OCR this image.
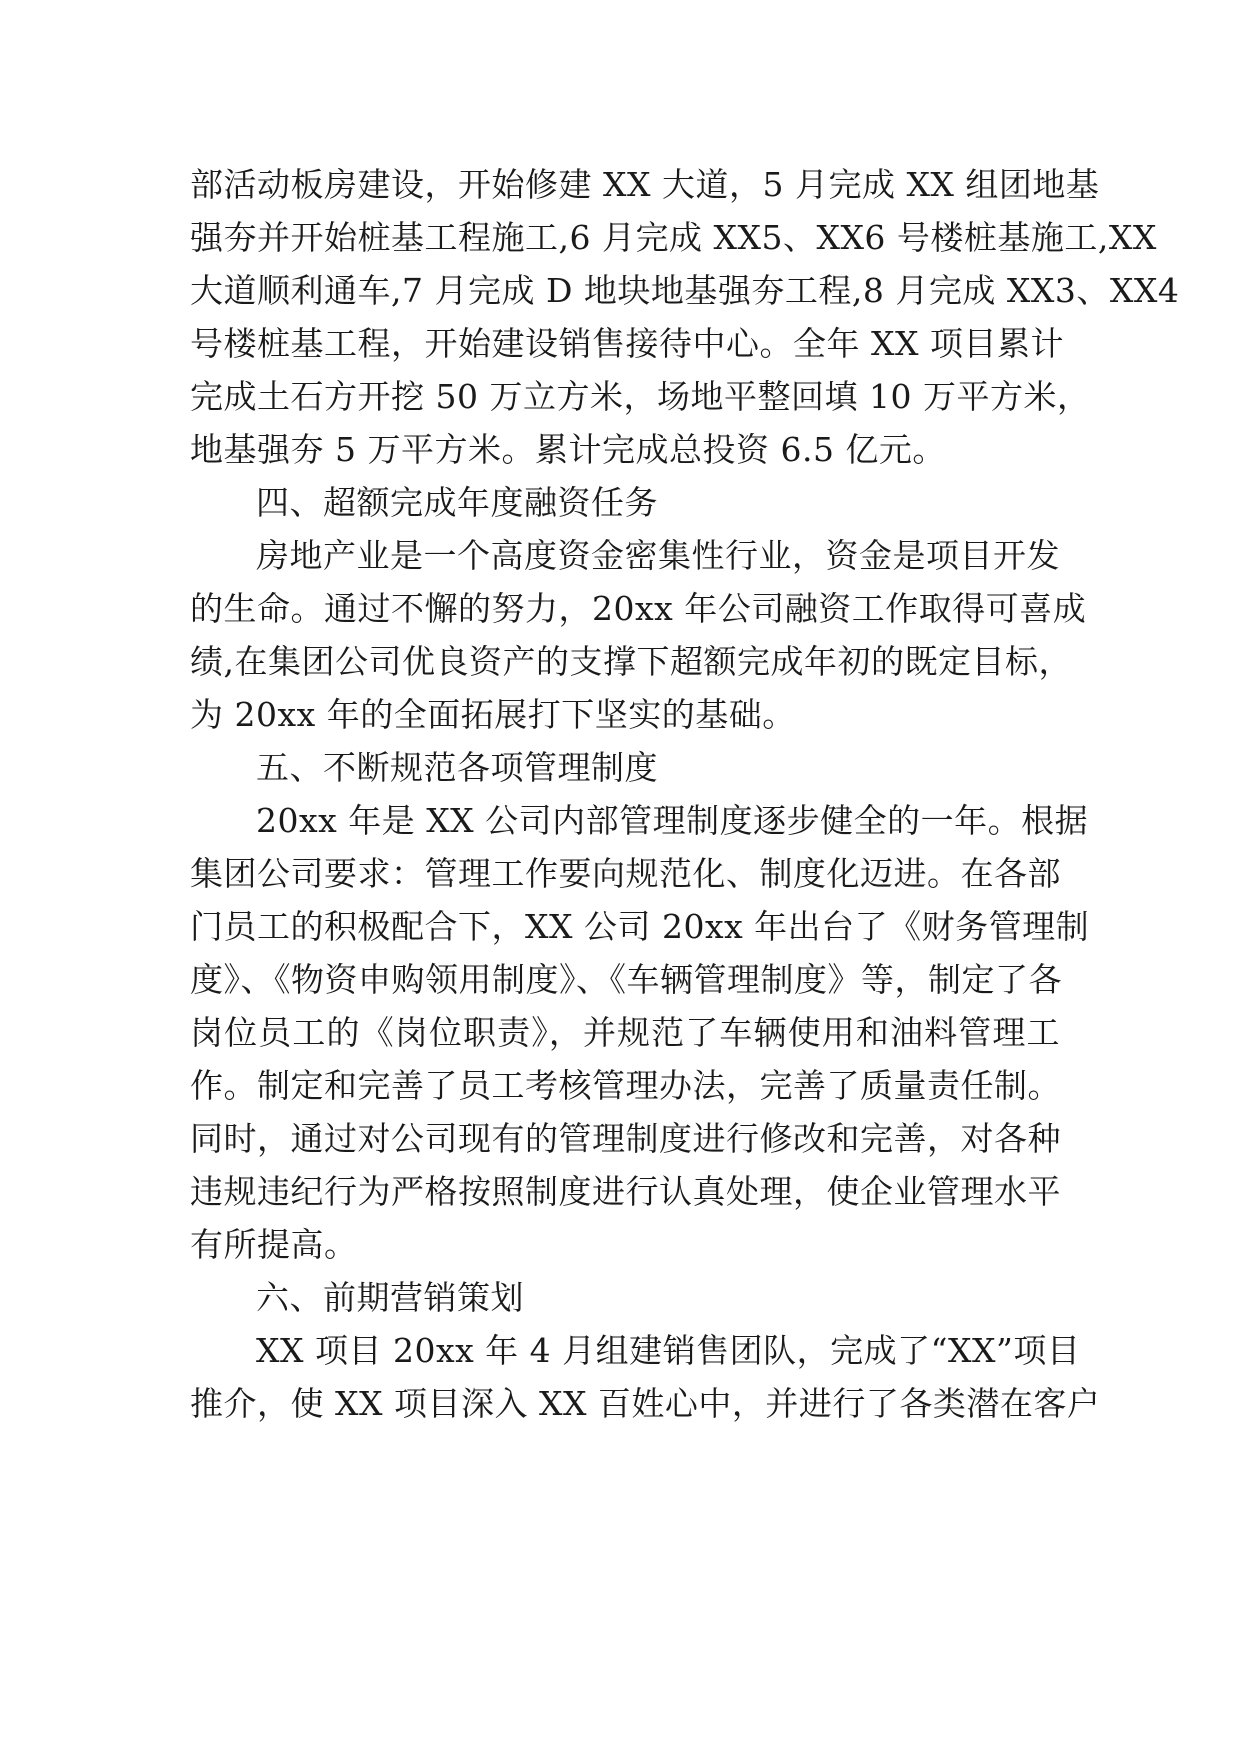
部活动板房建设，开始修建 XX 大道，5 月完成 XX 组团地基
强夯并开始桩基工程施工,6 月完成 XX5、XX6 号楼桩基施工,XX
大道顺利通车,7 月完成 D 地块地基强夯工程,8 月完成 XX3、XX4
号楼桩基工程，开始建设销售接待中心。全年 XX 项目累计
完成土石方开挖 50 万立方米，场地平整回填 10 万平方米，
地基强夯 5 万平方米。累计完成总投资 6.5 亿元。
四、超额完成年度融资任务
房地产业是一个高度资金密集性行业，资金是项目开发
的生命。通过不懈的努力，20xx 年公司融资工作取得可喜成
绩,在集团公司优良资产的支撑下超额完成年初的既定目标，
为 20xx 年的全面拓展打下坚实的基础。
五、不断规范各项管理制度
20xx 年是 XX 公司内部管理制度逐步健全的一年。根据
集团公司要求：管理工作要向规范化、制度化迈进。在各部
门员工的积极配合下，XX 公司 20xx 年出台了《财务管理制
度》、《物资申购领用制度》、《车辆管理制度》等，制定了各
岗位员工的《岗位职责》，并规范了车辆使用和油料管理工
作。制定和完善了员工考核管理办法，完善了质量责任制。
同时，通过对公司现有的管理制度进行修改和完善，对各种
违规违纪行为严格按照制度进行认真处理，使企业管理水平
有所提高。
六、前期营销策划
XX 项目 20xx 年 4 月组建销售团队，完成了“XX”项目
推介，使 XX 项目深入 XX 百姓心中，并进行了各类潜在客户
